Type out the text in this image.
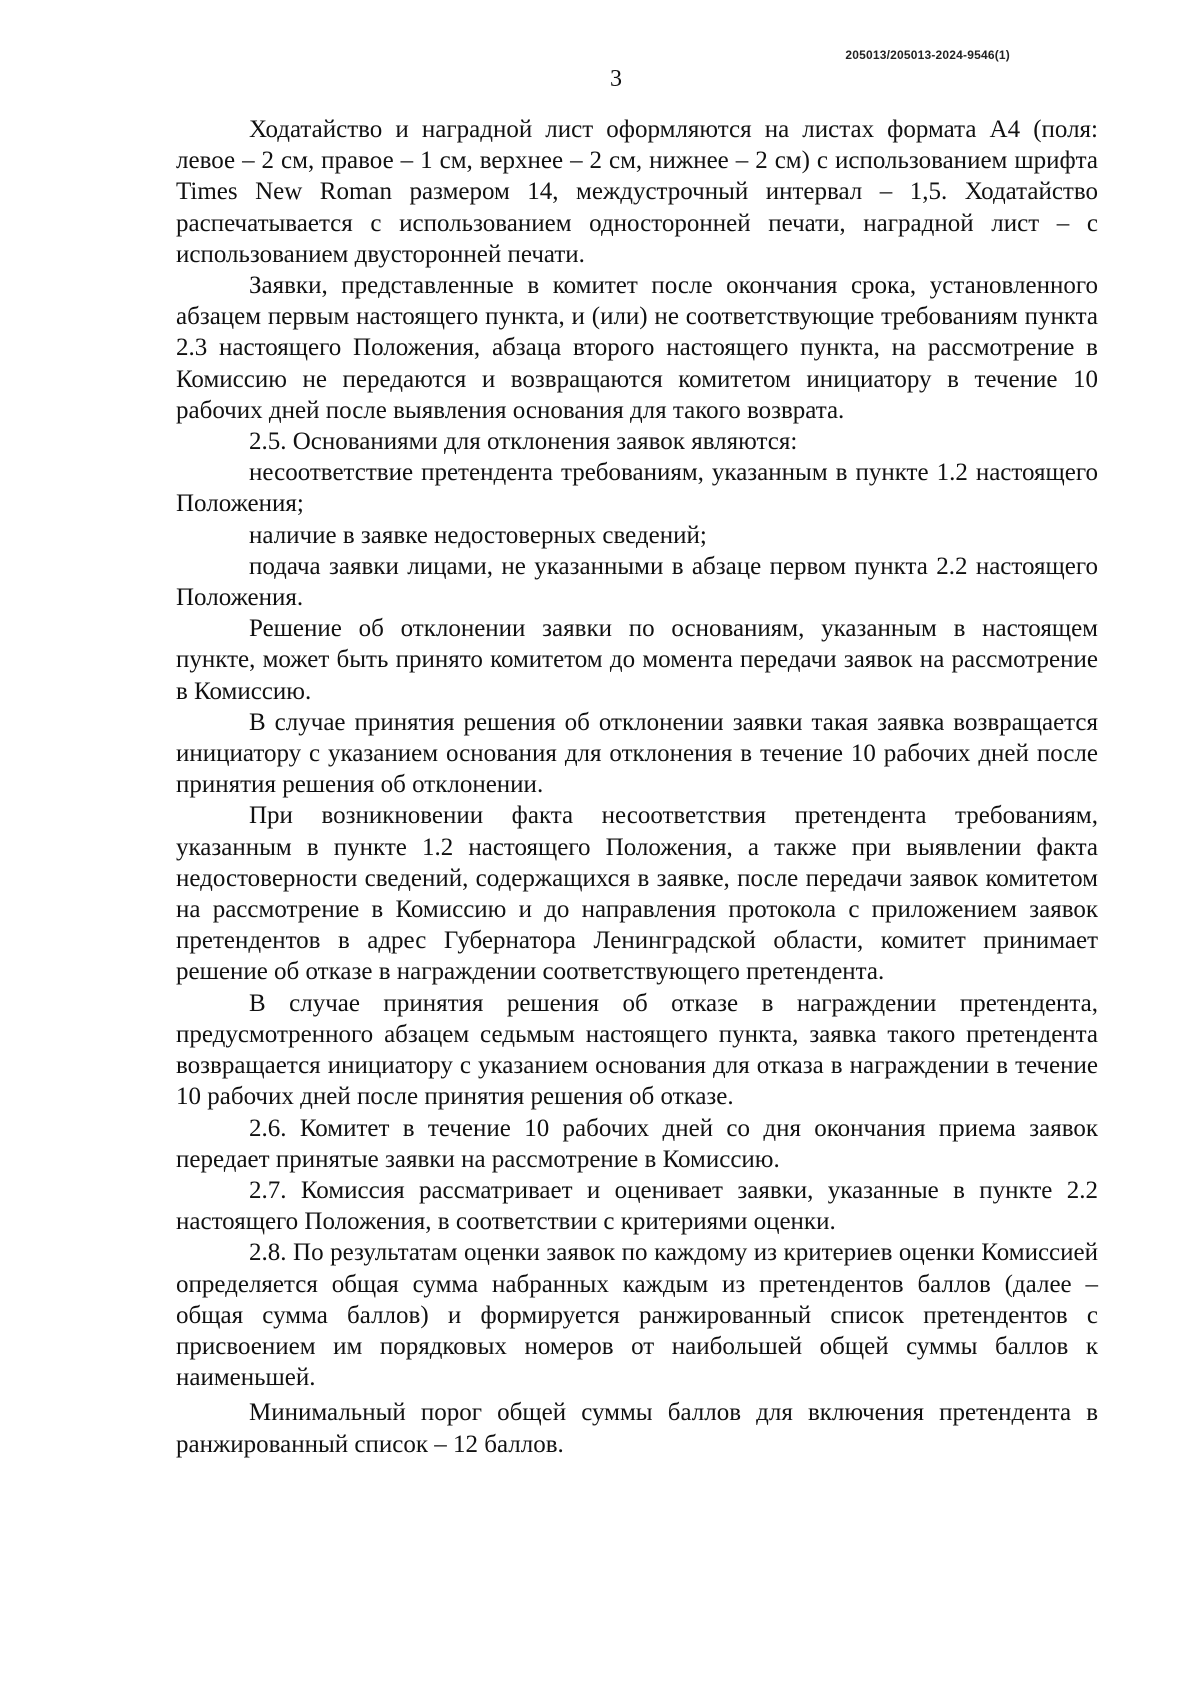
205013/205013-2024-9546(1)
3

Ходатайство и наградной лист оформляются на листах формата А4 (поля: левое – 2 см, правое – 1 см, верхнее – 2 см, нижнее – 2 см) с использованием шрифта Times New Roman размером 14, междустрочный интервал – 1,5. Ходатайство распечатывается с использованием односторонней печати, наградной лист – с использованием двусторонней печати.

Заявки, представленные в комитет после окончания срока, установленного абзацем первым настоящего пункта, и (или) не соответствующие требованиям пункта 2.3 настоящего Положения, абзаца второго настоящего пункта, на рассмотрение в Комиссию не передаются и возвращаются комитетом инициатору в течение 10 рабочих дней после выявления основания для такого возврата.

2.5. Основаниями для отклонения заявок являются:

несоответствие претендента требованиям, указанным в пункте 1.2 настоящего Положения;

наличие в заявке недостоверных сведений;

подача заявки лицами, не указанными в абзаце первом пункта 2.2 настоящего Положения.

Решение об отклонении заявки по основаниям, указанным в настоящем пункте, может быть принято комитетом до момента передачи заявок на рассмотрение в Комиссию.

В случае принятия решения об отклонении заявки такая заявка возвращается инициатору с указанием основания для отклонения в течение 10 рабочих дней после принятия решения об отклонении.

При возникновении факта несоответствия претендента требованиям, указанным в пункте 1.2 настоящего Положения, а также при выявлении факта недостоверности сведений, содержащихся в заявке, после передачи заявок комитетом на рассмотрение в Комиссию и до направления протокола с приложением заявок претендентов в адрес Губернатора Ленинградской области, комитет принимает решение об отказе в награждении соответствующего претендента.

В случае принятия решения об отказе в награждении претендента, предусмотренного абзацем седьмым настоящего пункта, заявка такого претендента возвращается инициатору с указанием основания для отказа в награждении в течение 10 рабочих дней после принятия решения об отказе.

2.6. Комитет в течение 10 рабочих дней со дня окончания приема заявок передает принятые заявки на рассмотрение в Комиссию.

2.7. Комиссия рассматривает и оценивает заявки, указанные в пункте 2.2 настоящего Положения, в соответствии с критериями оценки.

2.8. По результатам оценки заявок по каждому из критериев оценки Комиссией определяется общая сумма набранных каждым из претендентов баллов (далее – общая сумма баллов) и формируется ранжированный список претендентов с присвоением им порядковых номеров от наибольшей общей суммы баллов к наименьшей.

Минимальный порог общей суммы баллов для включения претендента в ранжированный список – 12 баллов.
